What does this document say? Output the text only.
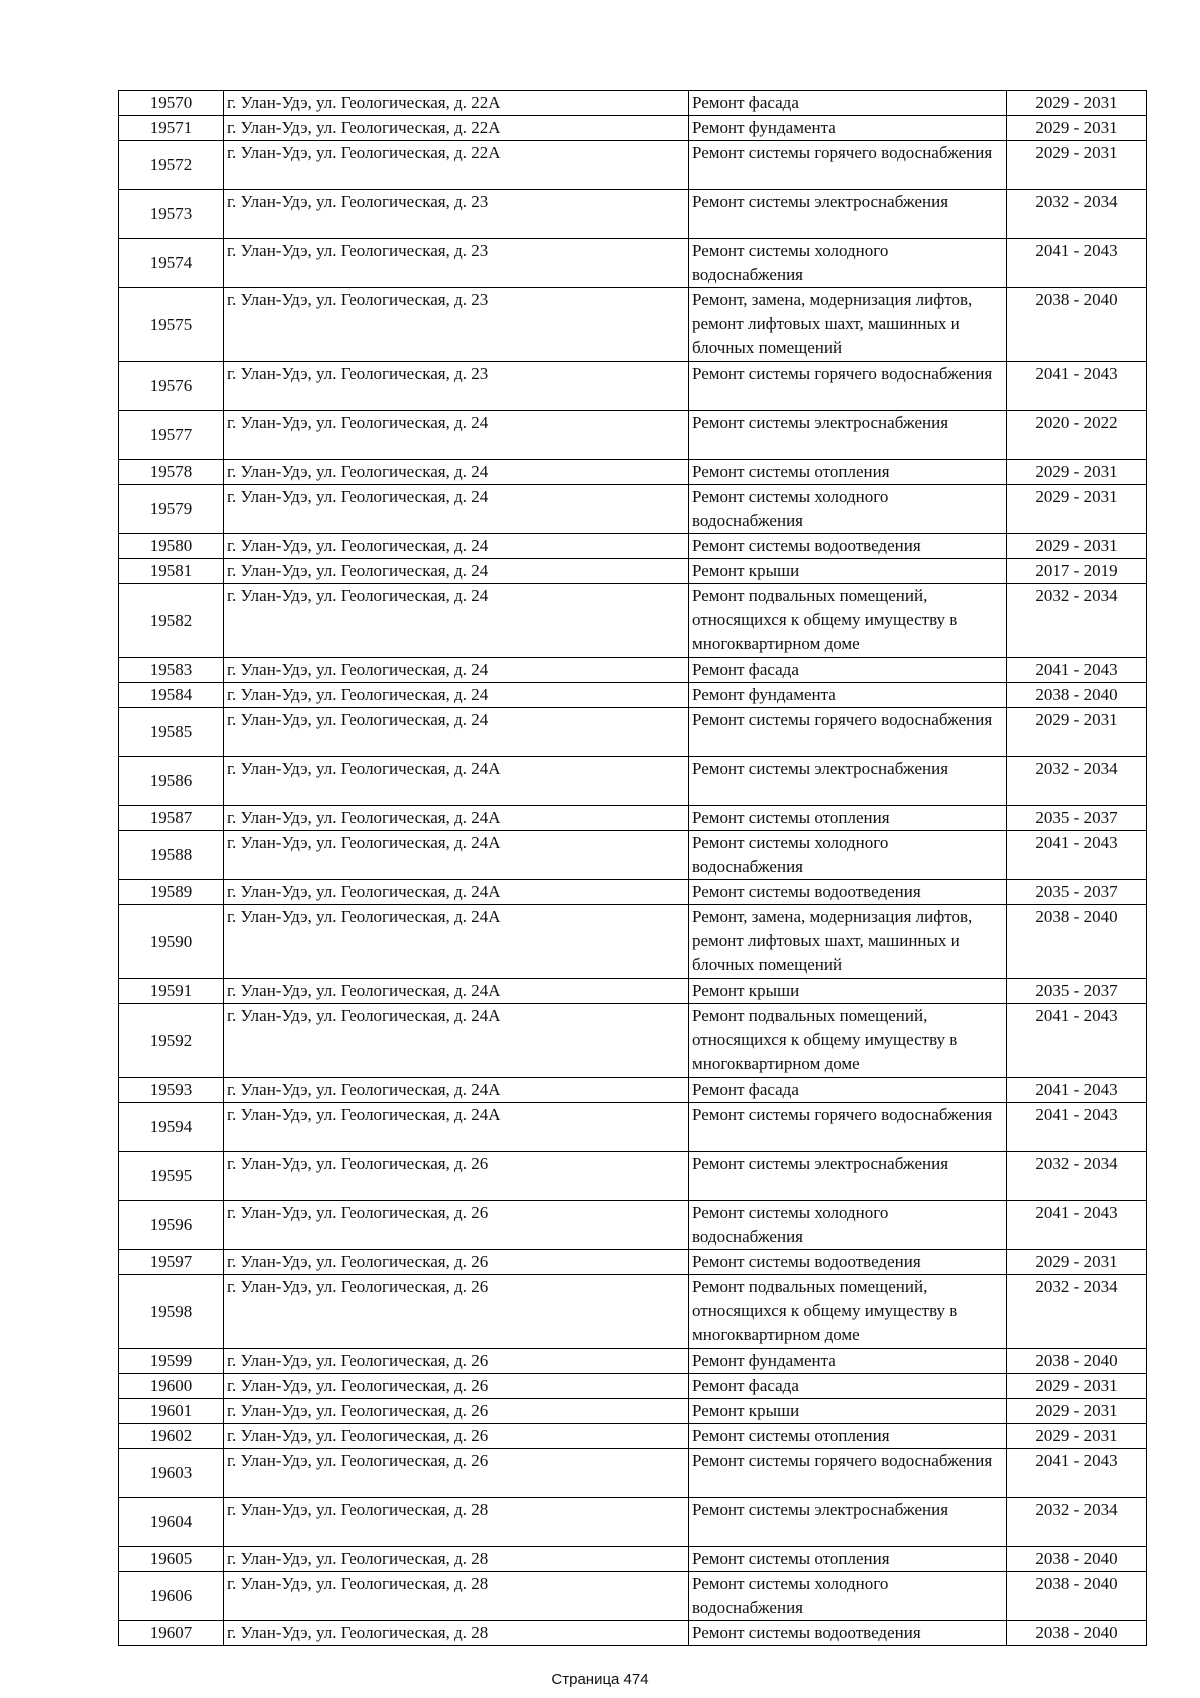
19570	г. Улан-Удэ, ул. Геологическая, д. 22А	Ремонт фасада	2029 - 2031
19571	г. Улан-Удэ, ул. Геологическая, д. 22А	Ремонт фундамента	2029 - 2031
19572	г. Улан-Удэ, ул. Геологическая, д. 22А	Ремонт системы горячего водоснабжения	2029 - 2031
19573	г. Улан-Удэ, ул. Геологическая, д. 23	Ремонт системы электроснабжения	2032 - 2034
19574	г. Улан-Удэ, ул. Геологическая, д. 23	Ремонт системы холодного водоснабжения	2041 - 2043
19575	г. Улан-Удэ, ул. Геологическая, д. 23	Ремонт, замена, модернизация лифтов, ремонт лифтовых шахт, машинных и блочных помещений	2038 - 2040
19576	г. Улан-Удэ, ул. Геологическая, д. 23	Ремонт системы горячего водоснабжения	2041 - 2043
19577	г. Улан-Удэ, ул. Геологическая, д. 24	Ремонт системы электроснабжения	2020 - 2022
19578	г. Улан-Удэ, ул. Геологическая, д. 24	Ремонт системы отопления	2029 - 2031
19579	г. Улан-Удэ, ул. Геологическая, д. 24	Ремонт системы холодного водоснабжения	2029 - 2031
19580	г. Улан-Удэ, ул. Геологическая, д. 24	Ремонт системы водоотведения	2029 - 2031
19581	г. Улан-Удэ, ул. Геологическая, д. 24	Ремонт крыши	2017 - 2019
19582	г. Улан-Удэ, ул. Геологическая, д. 24	Ремонт подвальных помещений, относящихся к общему имуществу в многоквартирном доме	2032 - 2034
19583	г. Улан-Удэ, ул. Геологическая, д. 24	Ремонт фасада	2041 - 2043
19584	г. Улан-Удэ, ул. Геологическая, д. 24	Ремонт фундамента	2038 - 2040
19585	г. Улан-Удэ, ул. Геологическая, д. 24	Ремонт системы горячего водоснабжения	2029 - 2031
19586	г. Улан-Удэ, ул. Геологическая, д. 24А	Ремонт системы электроснабжения	2032 - 2034
19587	г. Улан-Удэ, ул. Геологическая, д. 24А	Ремонт системы отопления	2035 - 2037
19588	г. Улан-Удэ, ул. Геологическая, д. 24А	Ремонт системы холодного водоснабжения	2041 - 2043
19589	г. Улан-Удэ, ул. Геологическая, д. 24А	Ремонт системы водоотведения	2035 - 2037
19590	г. Улан-Удэ, ул. Геологическая, д. 24А	Ремонт, замена, модернизация лифтов, ремонт лифтовых шахт, машинных и блочных помещений	2038 - 2040
19591	г. Улан-Удэ, ул. Геологическая, д. 24А	Ремонт крыши	2035 - 2037
19592	г. Улан-Удэ, ул. Геологическая, д. 24А	Ремонт подвальных помещений, относящихся к общему имуществу в многоквартирном доме	2041 - 2043
19593	г. Улан-Удэ, ул. Геологическая, д. 24А	Ремонт фасада	2041 - 2043
19594	г. Улан-Удэ, ул. Геологическая, д. 24А	Ремонт системы горячего водоснабжения	2041 - 2043
19595	г. Улан-Удэ, ул. Геологическая, д. 26	Ремонт системы электроснабжения	2032 - 2034
19596	г. Улан-Удэ, ул. Геологическая, д. 26	Ремонт системы холодного водоснабжения	2041 - 2043
19597	г. Улан-Удэ, ул. Геологическая, д. 26	Ремонт системы водоотведения	2029 - 2031
19598	г. Улан-Удэ, ул. Геологическая, д. 26	Ремонт подвальных помещений, относящихся к общему имуществу в многоквартирном доме	2032 - 2034
19599	г. Улан-Удэ, ул. Геологическая, д. 26	Ремонт фундамента	2038 - 2040
19600	г. Улан-Удэ, ул. Геологическая, д. 26	Ремонт фасада	2029 - 2031
19601	г. Улан-Удэ, ул. Геологическая, д. 26	Ремонт крыши	2029 - 2031
19602	г. Улан-Удэ, ул. Геологическая, д. 26	Ремонт системы отопления	2029 - 2031
19603	г. Улан-Удэ, ул. Геологическая, д. 26	Ремонт системы горячего водоснабжения	2041 - 2043
19604	г. Улан-Удэ, ул. Геологическая, д. 28	Ремонт системы электроснабжения	2032 - 2034
19605	г. Улан-Удэ, ул. Геологическая, д. 28	Ремонт системы отопления	2038 - 2040
19606	г. Улан-Удэ, ул. Геологическая, д. 28	Ремонт системы холодного водоснабжения	2038 - 2040
19607	г. Улан-Удэ, ул. Геологическая, д. 28	Ремонт системы водоотведения	2038 - 2040
Страница 474
